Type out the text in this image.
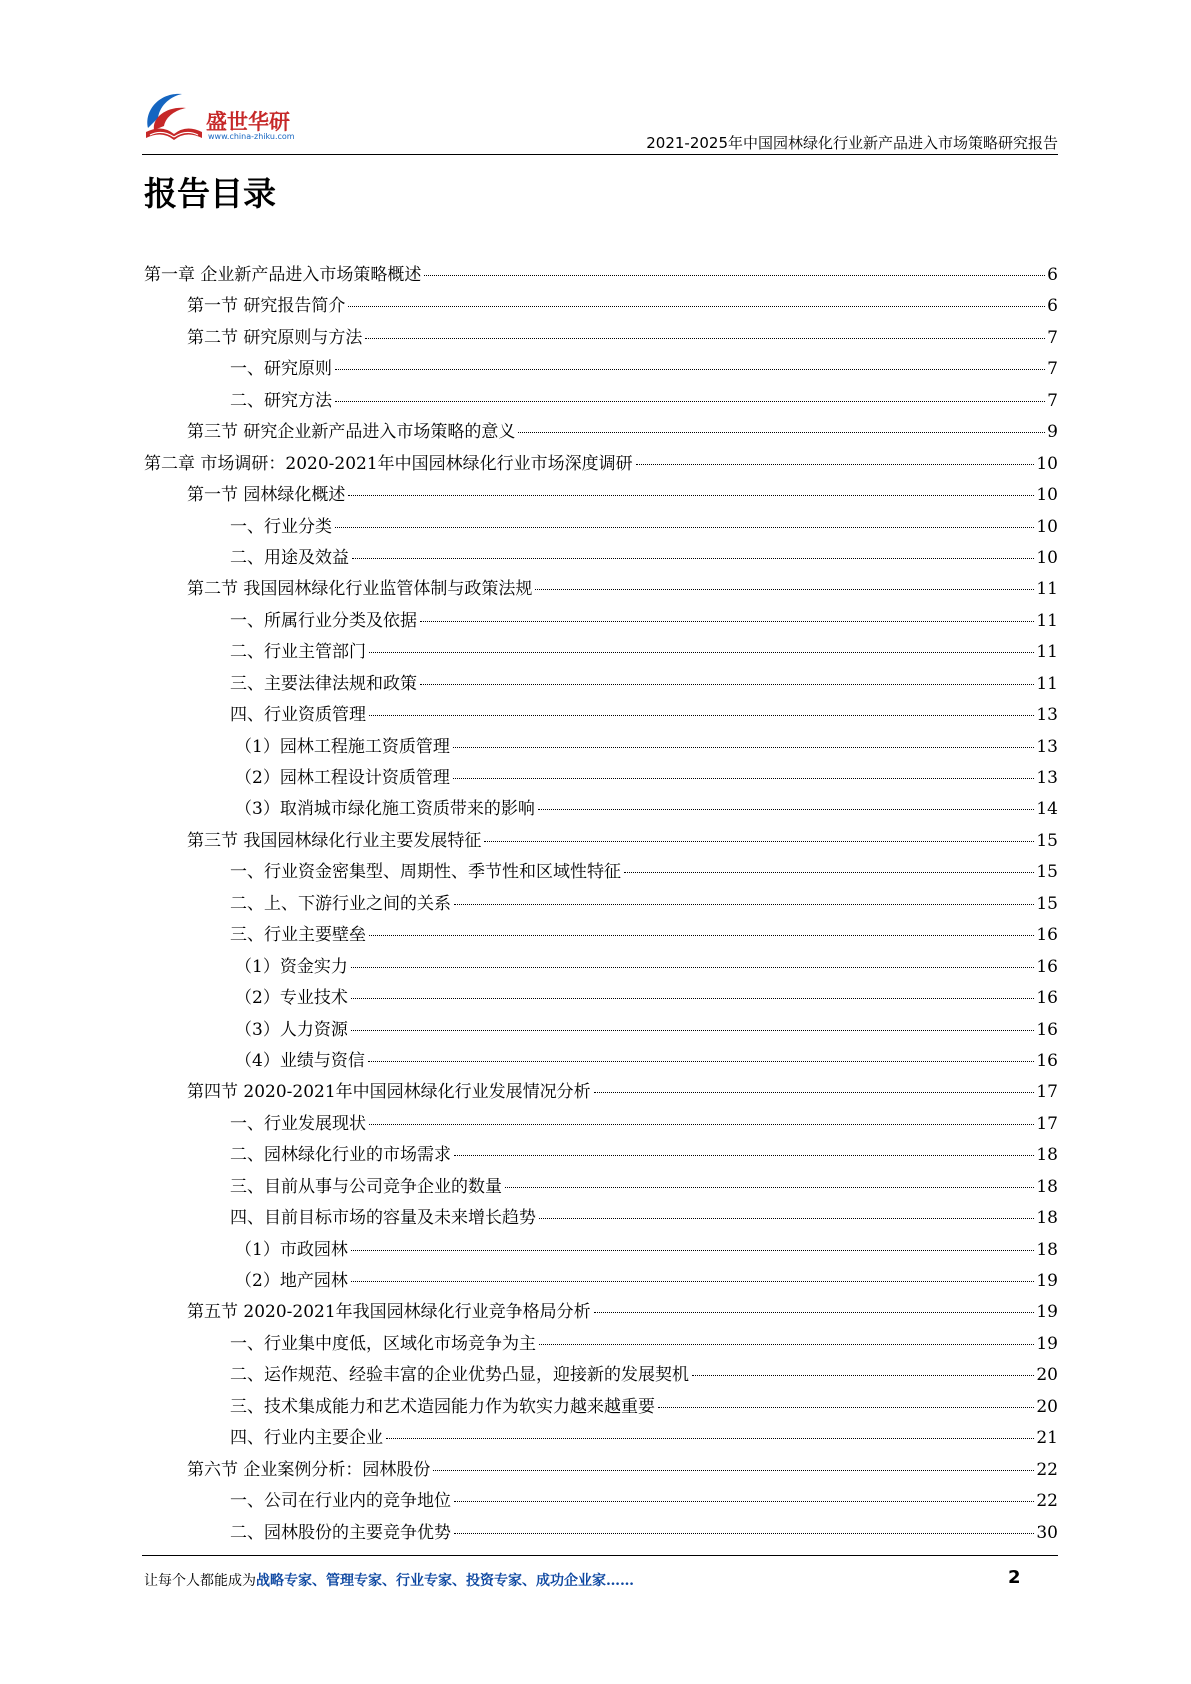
盛世华研
www.china-zhiku.com	2021-2025年中国园林绿化行业新产品进入市场策略研究报告
报告目录
第一章 企业新产品进入市场策略概述	6
第一节 研究报告简介	6
第二节 研究原则与方法	7
一、研究原则	7
二、研究方法	7
第三节 研究企业新产品进入市场策略的意义	9
第二章 市场调研：2020-2021年中国园林绿化行业市场深度调研	10
第一节 园林绿化概述	10
一、行业分类	10
二、用途及效益	10
第二节 我国园林绿化行业监管体制与政策法规	11
一、所属行业分类及依据	11
二、行业主管部门	11
三、主要法律法规和政策	11
四、行业资质管理	13
（1）园林工程施工资质管理	13
（2）园林工程设计资质管理	13
（3）取消城市绿化施工资质带来的影响	14
第三节 我国园林绿化行业主要发展特征	15
一、行业资金密集型、周期性、季节性和区域性特征	15
二、上、下游行业之间的关系	15
三、行业主要壁垒	16
（1）资金实力	16
（2）专业技术	16
（3）人力资源	16
（4）业绩与资信	16
第四节 2020-2021年中国园林绿化行业发展情况分析	17
一、行业发展现状	17
二、园林绿化行业的市场需求	18
三、目前从事与公司竞争企业的数量	18
四、目前目标市场的容量及未来增长趋势	18
（1）市政园林	18
（2）地产园林	19
第五节 2020-2021年我国园林绿化行业竞争格局分析	19
一、行业集中度低，区域化市场竞争为主	19
二、运作规范、经验丰富的企业优势凸显，迎接新的发展契机	20
三、技术集成能力和艺术造园能力作为软实力越来越重要	20
四、行业内主要企业	21
第六节 企业案例分析：园林股份	22
一、公司在行业内的竞争地位	22
二、园林股份的主要竞争优势	30
让每个人都能成为战略专家、管理专家、行业专家、投资专家、成功企业家……	2
